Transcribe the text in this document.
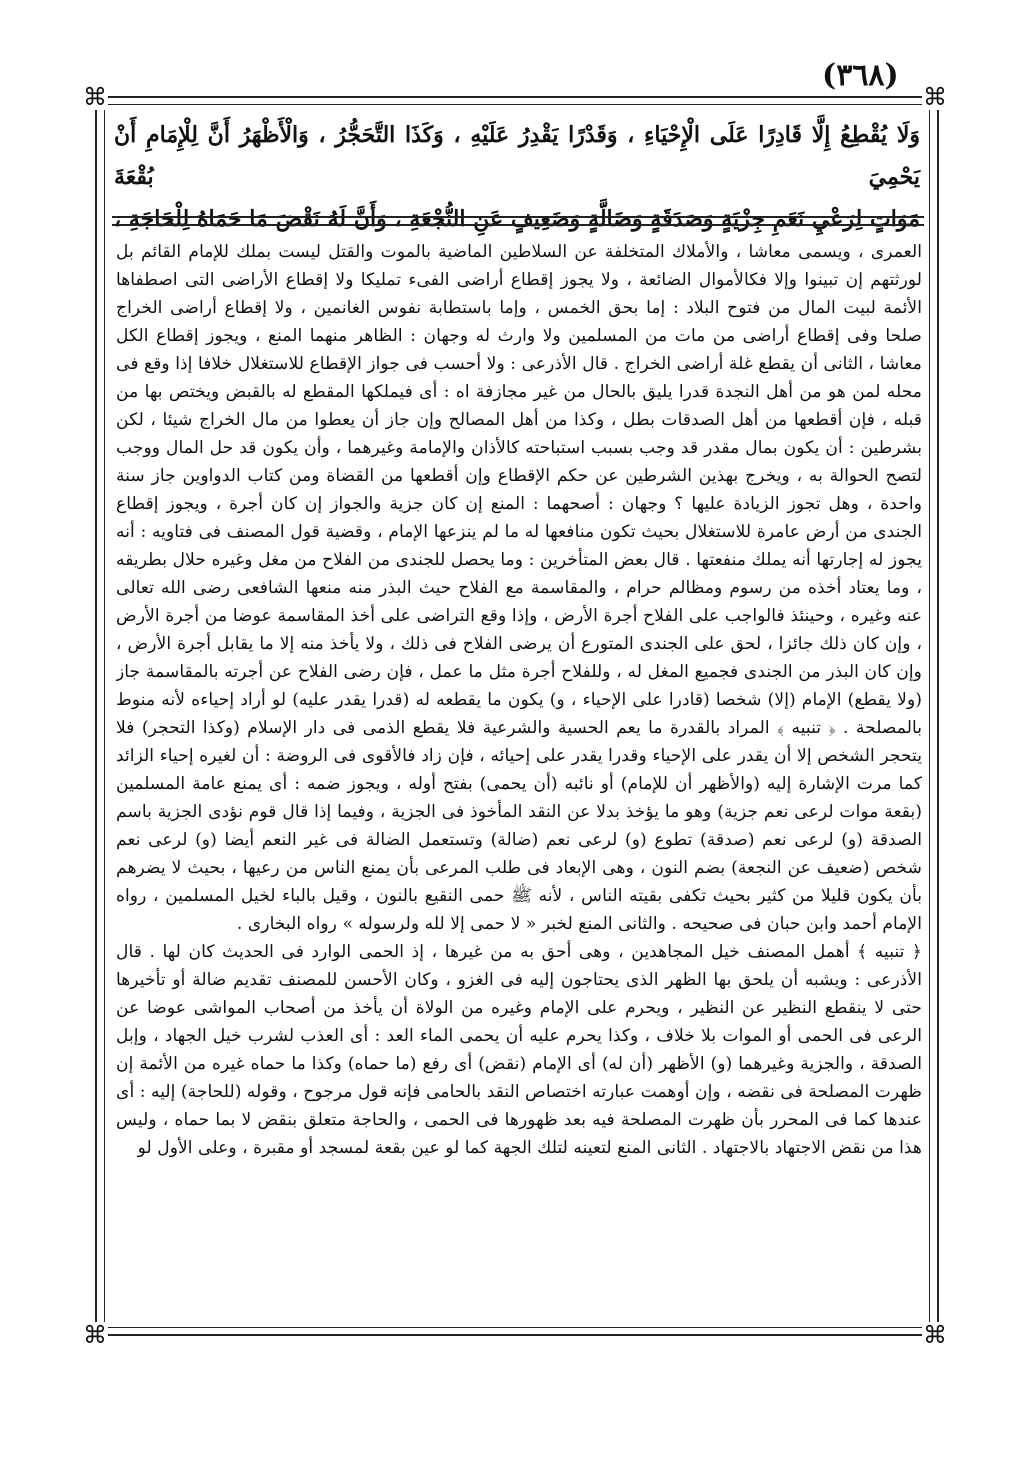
(٣٦٨)
⌘	⌘
⌘	⌘

وَلَا يُقْطِعُ إِلَّا قَادِرًا عَلَى الْإِحْيَاءِ ، وَقَدْرًا يَقْدِرُ عَلَيْهِ ، وَكَذَا التَّحَجُّرُ ، وَالْأَظْهَرُ أَنَّ لِلْإِمَامِ أَنْ يَحْمِيَ بُقْعَةَ

مَوَاتٍ لِرَعْيِ نَعَمِ جِزْيَةٍ وَصَدَقَةٍ وَضَالَّةٍ وَضَعِيفٍ عَنِ النُّجْعَةِ ، وَأَنَّ لَهُ نَقْضَ مَا حَمَاهُ لِلْحَاجَةِ ،

العمرى ، ويسمى معاشا ، والأملاك المتخلفة عن السلاطين الماضية بالموت والقتل ليست بملك للإمام القائم بل لورثتهم إن تبينوا وإلا فكالأموال الضائعة ، ولا يجوز إقطاع أراضى الفىء تمليكا ولا إقطاع الأراضى التى اصطفاها الأئمة لبيت المال من فتوح البلاد : إما بحق الخمس ، وإما باستطابة نفوس الغانمين ، ولا إقطاع أراضى الخراج صلحا وفى إقطاع أراضى من مات من المسلمين ولا وارث له وجهان : الظاهر منهما المنع ، ويجوز إقطاع الكل معاشا ، الثانى أن يقطع غلة أراضى الخراج . قال الأذرعى : ولا أحسب فى جواز الإقطاع للاستغلال خلافا إذا وقع فى محله لمن هو من أهل النجدة قدرا يليق بالحال من غير مجازفة اه : أى فيملكها المقطع له بالقبض ويختص بها من قبله ، فإن أقطعها من أهل الصدقات بطل ، وكذا من أهل المصالح وإن جاز أن يعطوا من مال الخراج شيئا ، لكن بشرطين : أن يكون بمال مقدر قد وجب بسبب استباحته كالأذان والإمامة وغيرهما ، وأن يكون قد حل المال ووجب لتصح الحوالة به ، ويخرج بهذين الشرطين عن حكم الإقطاع وإن أقطعها من القضاة ومن كتاب الدواوين جاز سنة واحدة ، وهل تجوز الزيادة عليها ؟ وجهان : أصحهما : المنع إن كان جزية والجواز إن كان أجرة ، ويجوز إقطاع الجندى من أرض عامرة للاستغلال بحيث تكون منافعها له ما لم ينزعها الإمام ، وقضية قول المصنف فى فتاويه : أنه يجوز له إجارتها أنه يملك منفعتها . قال بعض المتأخرين : وما يحصل للجندى من الفلاح من مغل وغيره حلال بطريقه ، وما يعتاد أخذه من رسوم ومظالم حرام ، والمقاسمة مع الفلاح حيث البذر منه منعها الشافعى رضى الله تعالى عنه وغيره ، وحينئذ فالواجب على الفلاح أجرة الأرض ، وإذا وقع التراضى على أخذ المقاسمة عوضا من أجرة الأرض ، وإن كان ذلك جائزا ، لحق على الجندى المتورع أن يرضى الفلاح فى ذلك ، ولا يأخذ منه إلا ما يقابل أجرة الأرض ، وإن كان البذر من الجندى فجميع المغل له ، وللفلاح أجرة مثل ما عمل ، فإن رضى الفلاح عن أجرته بالمقاسمة جاز (ولا يقطع) الإمام (إلا) شخصا (قادرا على الإحياء ، و) يكون ما يقطعه له (قدرا يقدر عليه) لو أراد إحياءه لأنه منوط بالمصلحة . ﴿ تنبيه ﴾ المراد بالقدرة ما يعم الحسية والشرعية فلا يقطع الذمى فى دار الإسلام (وكذا التحجر) فلا يتحجر الشخص إلا أن يقدر على الإحياء وقدرا يقدر على إحيائه ، فإن زاد فالأقوى فى الروضة : أن لغيره إحياء الزائد كما مرت الإشارة إليه (والأظهر أن للإمام) أو نائبه (أن يحمى) بفتح أوله ، ويجوز ضمه : أى يمنع عامة المسلمين (بقعة موات لرعى نعم جزية) وهو ما يؤخذ بدلا عن النقد المأخوذ فى الجزية ، وفيما إذا قال قوم نؤدى الجزية باسم الصدقة (و) لرعى نعم (صدقة) تطوع (و) لرعى نعم (ضالة) وتستعمل الضالة فى غير النعم أيضا (و) لرعى نعم شخص (ضعيف عن النجعة) بضم النون ، وهى الإبعاد فى طلب المرعى بأن يمنع الناس من رعيها ، بحيث لا يضرهم بأن يكون قليلا من كثير بحيث تكفى بقيته الناس ، لأنه ﷺ حمى النقيع بالنون ، وقيل بالباء لخيل المسلمين ، رواه الإمام أحمد وابن حبان فى صحيحه . والثانى المنع لخبر « لا حمى إلا لله ولرسوله » رواه البخارى .

﴿ تنبيه ﴾ أهمل المصنف خيل المجاهدين ، وهى أحق به من غيرها ، إذ الحمى الوارد فى الحديث كان لها . قال الأذرعى : ويشبه أن يلحق بها الظهر الذى يحتاجون إليه فى الغزو ، وكان الأحسن للمصنف تقديم ضالة أو تأخيرها حتى لا ينقطع النظير عن النظير ، ويحرم على الإمام وغيره من الولاة أن يأخذ من أصحاب المواشى عوضا عن الرعى فى الحمى أو الموات بلا خلاف ، وكذا يحرم عليه أن يحمى الماء العد : أى العذب لشرب خيل الجهاد ، وإبل الصدقة ، والجزية وغيرهما (و) الأظهر (أن له) أى الإمام (نقض) أى رفع (ما حماه) وكذا ما حماه غيره من الأئمة إن ظهرت المصلحة فى نقضه ، وإن أوهمت عبارته اختصاص النقد بالحامى فإنه قول مرجوح ، وقوله (للحاجة) إليه : أى عندها كما فى المحرر بأن ظهرت المصلحة فيه بعد ظهورها فى الحمى ، والحاجة متعلق بنقض لا بما حماه ، وليس هذا من نقض الاجتهاد بالاجتهاد . الثانى المنع لتعينه لتلك الجهة كما لو عين بقعة لمسجد أو مقبرة ، وعلى الأول لو
